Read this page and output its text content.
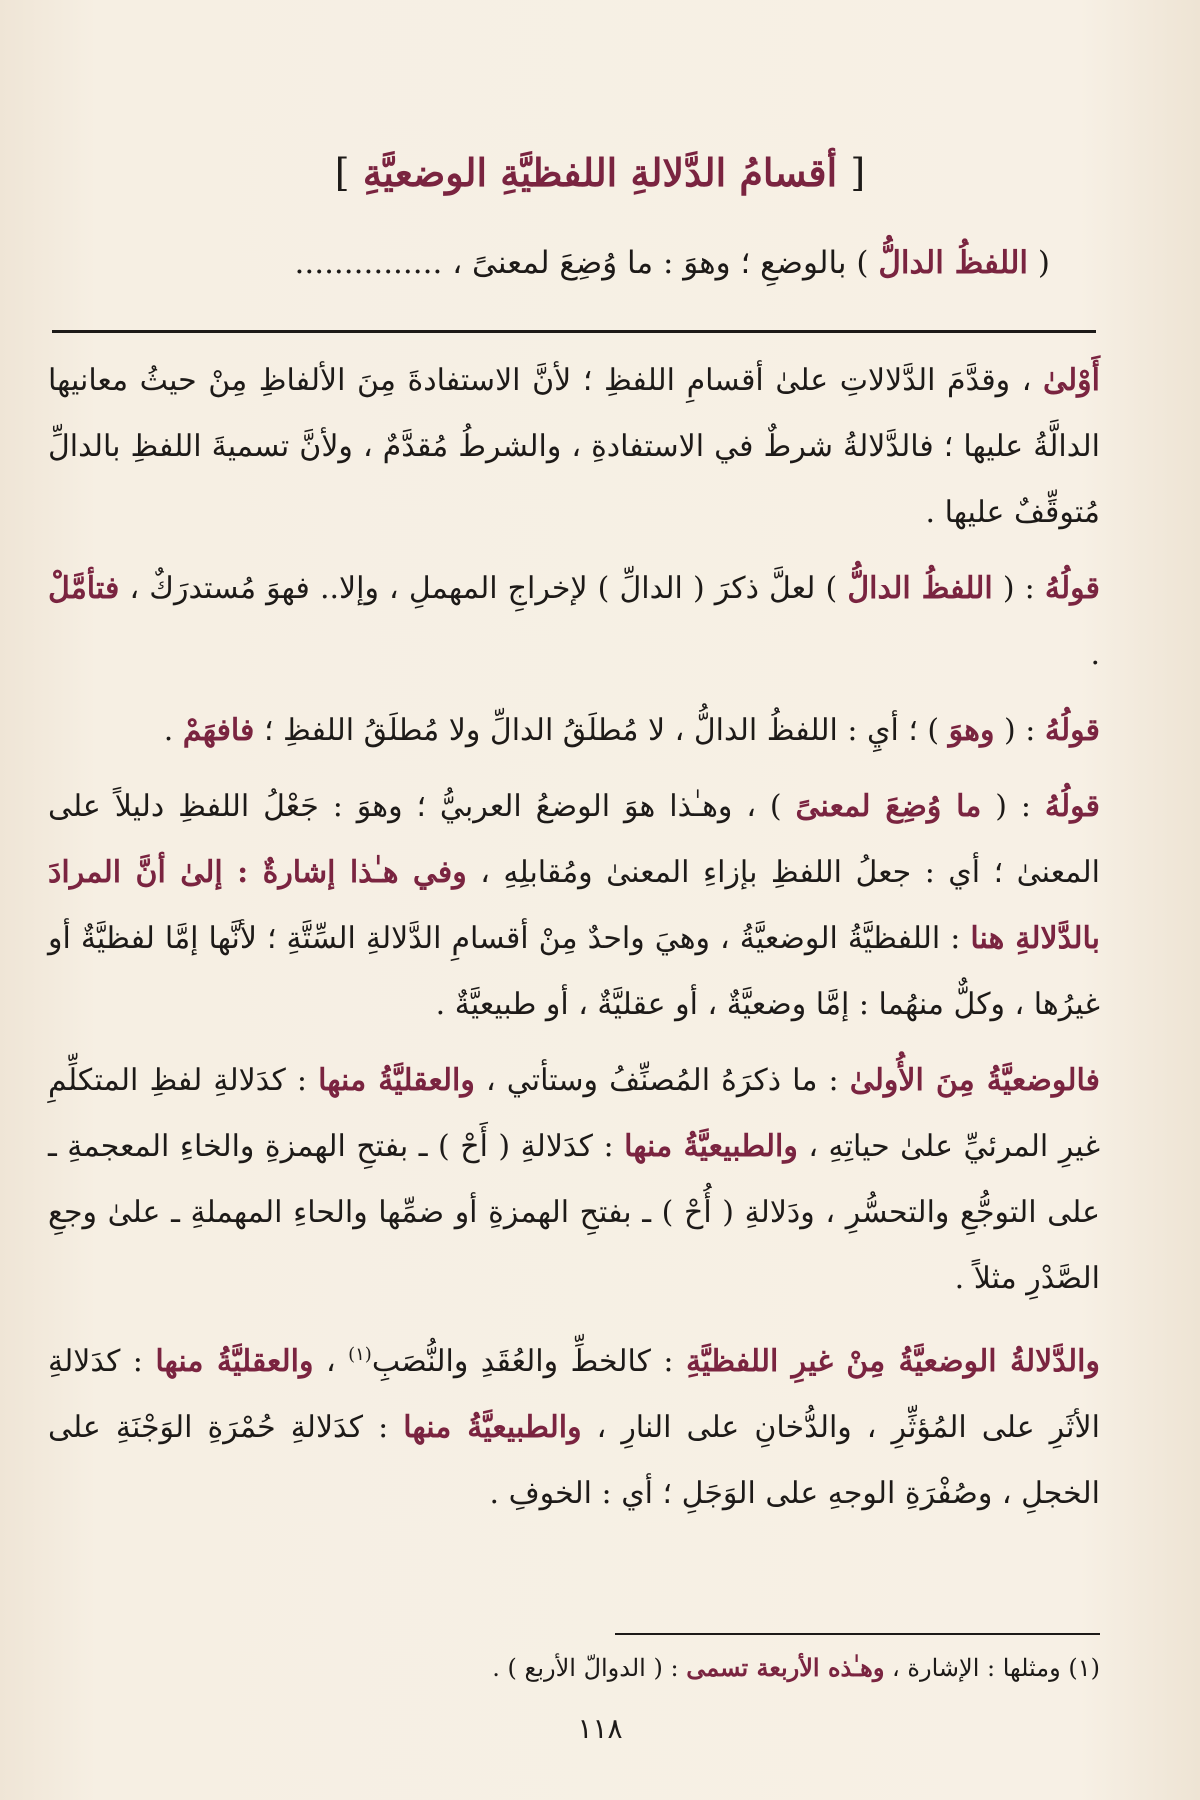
[ أقسامُ الدَّلالةِ اللفظيَّةِ الوضعيَّةِ ]
( اللفظُ الدالُّ ) بالوضعِ ؛ وهوَ : ما وُضِعَ لمعنىً ، ...............

أَوْلىٰ ، وقدَّمَ الدَّلالاتِ علىٰ أقسامِ اللفظِ ؛ لأنَّ الاستفادةَ مِنَ الألفاظِ مِنْ حيثُ معانيها الدالَّةُ عليها ؛ فالدَّلالةُ شرطٌ في الاستفادةِ ، والشرطُ مُقدَّمٌ ، ولأنَّ تسميةَ اللفظِ بالدالِّ مُتوقِّفٌ عليها .

قولُهُ : ( اللفظُ الدالُّ ) لعلَّ ذكرَ ( الدالِّ ) لإخراجِ المهملِ ، وإلا.. فهوَ مُستدرَكٌ ، فتأمَّلْ .

قولُهُ : ( وهوَ ) ؛ أيِ : اللفظُ الدالُّ ، لا مُطلَقُ الدالِّ ولا مُطلَقُ اللفظِ ؛ فافهَمْ .

قولُهُ : ( ما وُضِعَ لمعنىً ) ، وهـٰذا هوَ الوضعُ العربيُّ ؛ وهوَ : جَعْلُ اللفظِ دليلاً على المعنىٰ ؛ أي : جعلُ اللفظِ بإزاءِ المعنىٰ ومُقابلِهِ ، وفي هـٰذا إشارةٌ : إلىٰ أنَّ المرادَ بالدَّلالةِ هنا : اللفظيَّةُ الوضعيَّةُ ، وهيَ واحدٌ مِنْ أقسامِ الدَّلالةِ السِّتَّةِ ؛ لأنَّها إمَّا لفظيَّةٌ أو غيرُها ، وكلٌّ منهُما : إمَّا وضعيَّةٌ ، أو عقليَّةٌ ، أو طبيعيَّةٌ .

فالوضعيَّةُ مِنَ الأُولىٰ : ما ذكرَهُ المُصنِّفُ وستأتي ، والعقليَّةُ منها : كدَلالةِ لفظِ المتكلِّمِ غيرِ المرئيِّ علىٰ حياتِهِ ، والطبيعيَّةُ منها : كدَلالةِ ( أَحْ ) ـ بفتحِ الهمزةِ والخاءِ المعجمةِ ـ على التوجُّعِ والتحسُّرِ ، ودَلالةِ ( أُحْ ) ـ بفتحِ الهمزةِ أو ضمِّها والحاءِ المهملةِ ـ علىٰ وجعِ الصَّدْرِ مثلاً .

والدَّلالةُ الوضعيَّةُ مِنْ غيرِ اللفظيَّةِ : كالخطِّ والعُقَدِ والنُّصَبِ$^{(١)}$ ، والعقليَّةُ منها : كدَلالةِ الأثَرِ على المُؤثِّرِ ، والدُّخانِ على النارِ ، والطبيعيَّةُ منها : كدَلالةِ حُمْرَةِ الوَجْنَةِ على الخجلِ ، وصُفْرَةِ الوجهِ على الوَجَلِ ؛ أي : الخوفِ .

(١) ومثلها : الإشارة ، وهـٰذه الأربعة تسمى : ( الدوالّ الأربع ) .
١١٨
